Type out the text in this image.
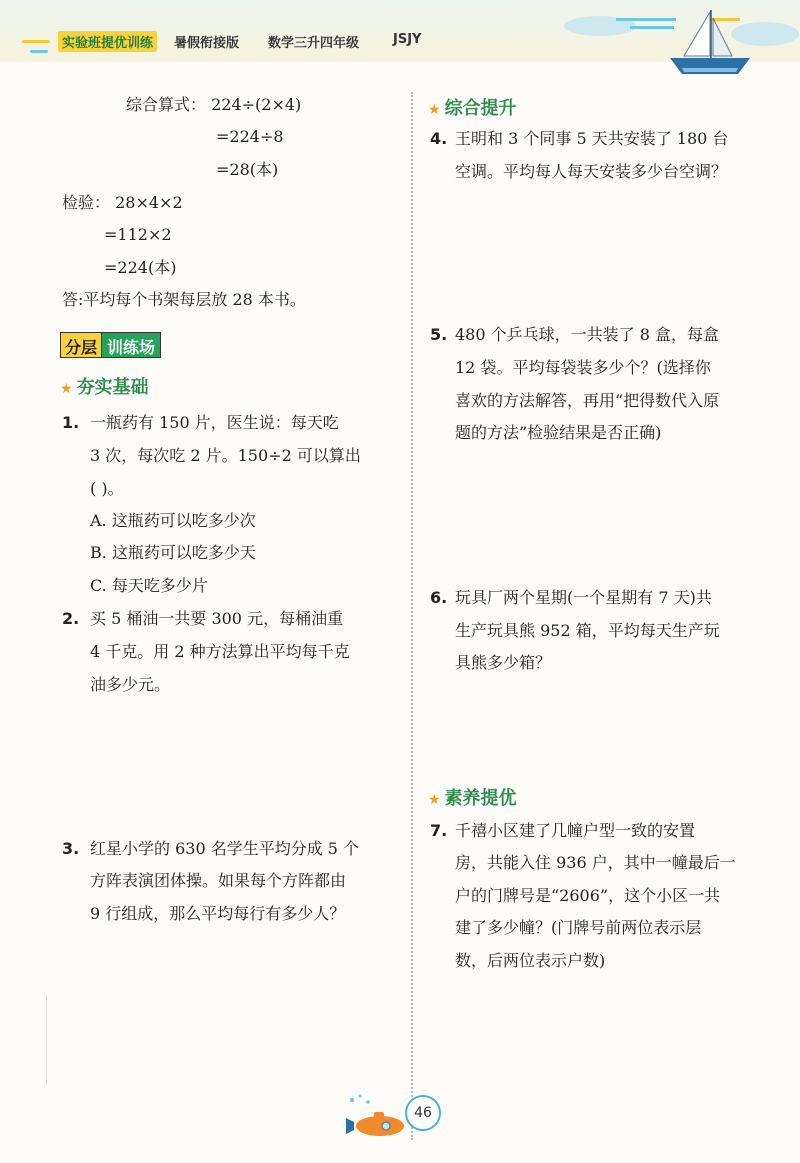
实验班提优训练	暑假衔接版 数学三升四年级	JSJY
综合算式： 224÷(2×4)
=224÷8
=28(本)
检验： 28×4×2
=112×2
=224(本)
答:平均每个书架每层放 28 本书。
分层 训练场
★ 夯实基础
1. 一瓶药有 150 片，医生说：每天吃
3 次，每次吃 2 片。150÷2 可以算出
( )。
A. 这瓶药可以吃多少次
B. 这瓶药可以吃多少天
C. 每天吃多少片
2. 买 5 桶油一共要 300 元，每桶油重
4 千克。用 2 种方法算出平均每千克
油多少元。
3. 红星小学的 630 名学生平均分成 5 个
方阵表演团体操。如果每个方阵都由
9 行组成，那么平均每行有多少人？
★ 综合提升
4. 王明和 3 个同事 5 天共安装了 180 台
空调。平均每人每天安装多少台空调？
5. 480 个乒乓球，一共装了 8 盒，每盒
12 袋。平均每袋装多少个？(选择你
喜欢的方法解答，再用“把得数代入原
题的方法”检验结果是否正确)
6. 玩具厂两个星期(一个星期有 7 天)共
生产玩具熊 952 箱，平均每天生产玩
具熊多少箱？
★ 素养提优
7. 千禧小区建了几幢户型一致的安置
房，共能入住 936 户，其中一幢最后一
户的门牌号是“2606”，这个小区一共
建了多少幢？(门牌号前两位表示层
数，后两位表示户数)
46
